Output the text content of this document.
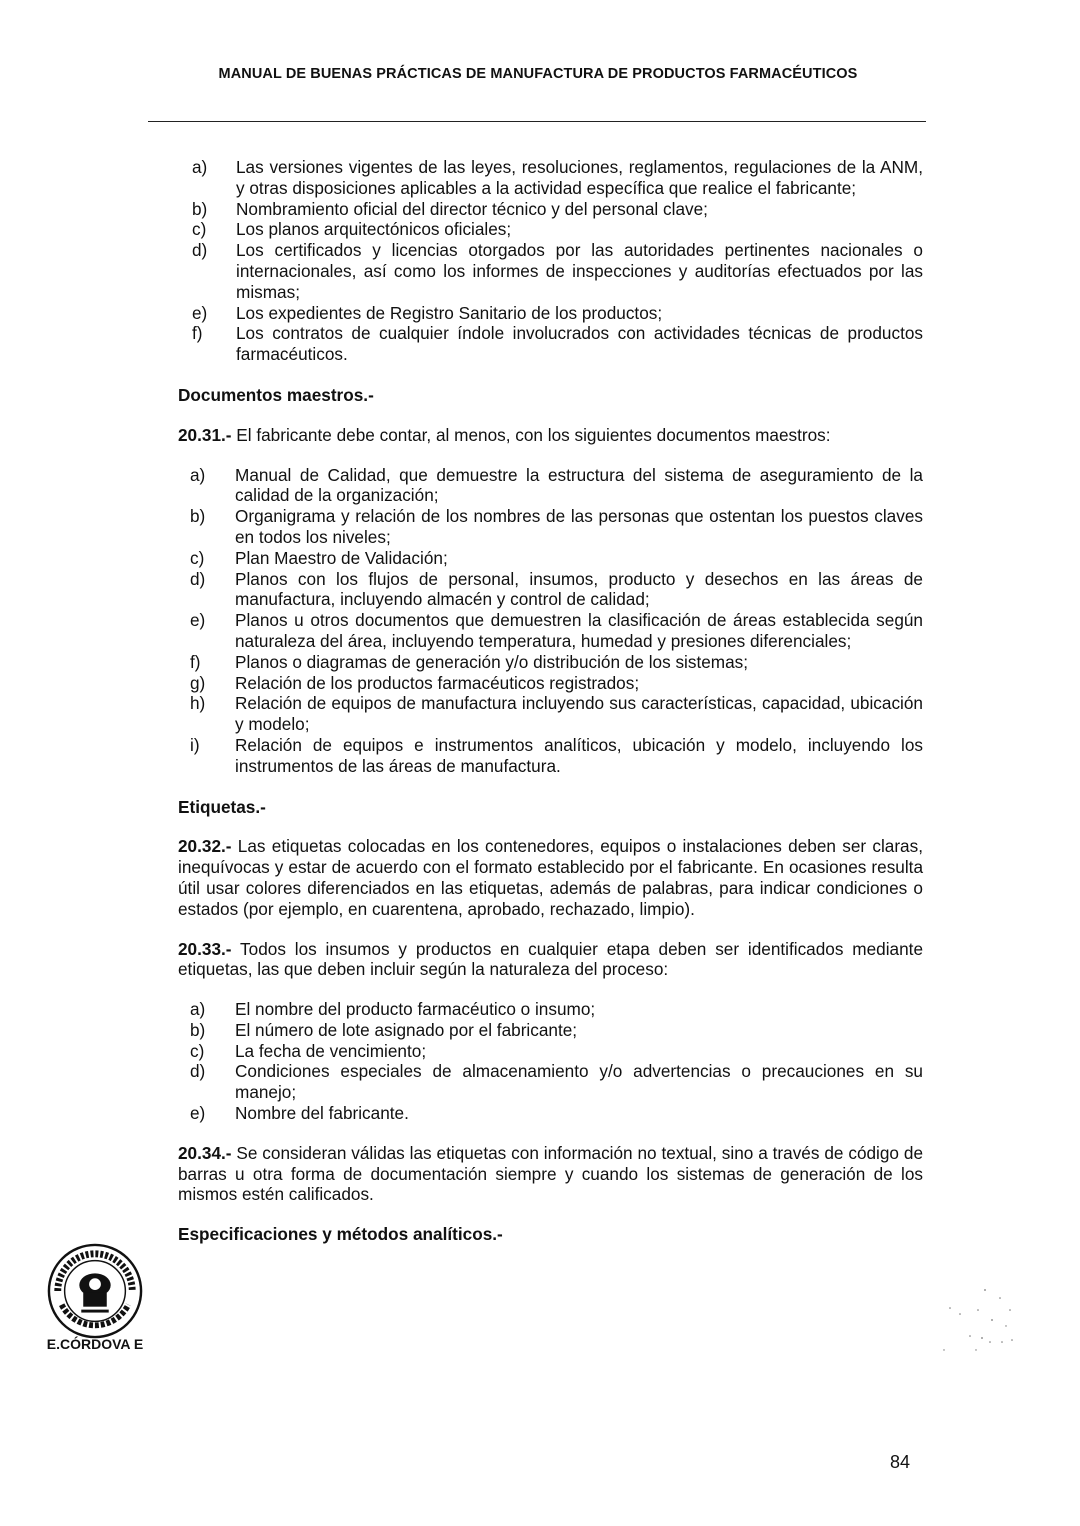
MANUAL DE BUENAS PRÁCTICAS DE MANUFACTURA DE PRODUCTOS FARMACÉUTICOS
a)	Las versiones vigentes de las leyes, resoluciones, reglamentos, regulaciones de la ANM, y otras disposiciones aplicables a la actividad específica que realice el fabricante;
b)	Nombramiento oficial del director técnico y del personal clave;
c)	Los planos arquitectónicos oficiales;
d)	Los certificados y licencias otorgados por las autoridades pertinentes nacionales o internacionales, así como los informes de inspecciones y auditorías efectuados por las mismas;
e)	Los expedientes de Registro Sanitario de los productos;
f)	Los contratos de cualquier índole involucrados con actividades técnicas de productos farmacéuticos.
Documentos maestros.-
20.31.- El fabricante debe contar, al menos, con los siguientes documentos maestros:
a)	Manual de Calidad, que demuestre la estructura del sistema de aseguramiento de la calidad de la organización;
b)	Organigrama y relación de los nombres de las personas que ostentan los puestos claves en todos los niveles;
c)	Plan Maestro de Validación;
d)	Planos con los flujos de personal, insumos, producto y desechos en las áreas de manufactura, incluyendo almacén y control de calidad;
e)	Planos u otros documentos que demuestren la clasificación de áreas establecida según naturaleza del área, incluyendo temperatura, humedad y presiones diferenciales;
f)	Planos o diagramas de generación y/o distribución de los sistemas;
g)	Relación de los productos farmacéuticos registrados;
h)	Relación de equipos de manufactura incluyendo sus características, capacidad, ubicación y modelo;
i)	Relación de equipos e instrumentos analíticos, ubicación y modelo, incluyendo los instrumentos de las áreas de manufactura.
Etiquetas.-
20.32.- Las etiquetas colocadas en los contenedores, equipos o instalaciones deben ser claras, inequívocas y estar de acuerdo con el formato establecido por el fabricante. En ocasiones resulta útil usar colores diferenciados en las etiquetas, además de palabras, para indicar condiciones o estados (por ejemplo, en cuarentena, aprobado, rechazado, limpio).
20.33.- Todos los insumos y productos en cualquier etapa deben ser identificados mediante etiquetas, las que deben incluir según la naturaleza del proceso:
a)	El nombre del producto farmacéutico o insumo;
b)	El número de lote asignado por el fabricante;
c)	La fecha de vencimiento;
d)	Condiciones especiales de almacenamiento y/o advertencias o precauciones en su manejo;
e)	Nombre del fabricante.
20.34.- Se consideran válidas las etiquetas con información no textual, sino a través de código de barras u otra forma de documentación siempre y cuando los sistemas de generación de los mismos estén calificados.
Especificaciones y métodos analíticos.-
E.CÓRDOVA E
84
